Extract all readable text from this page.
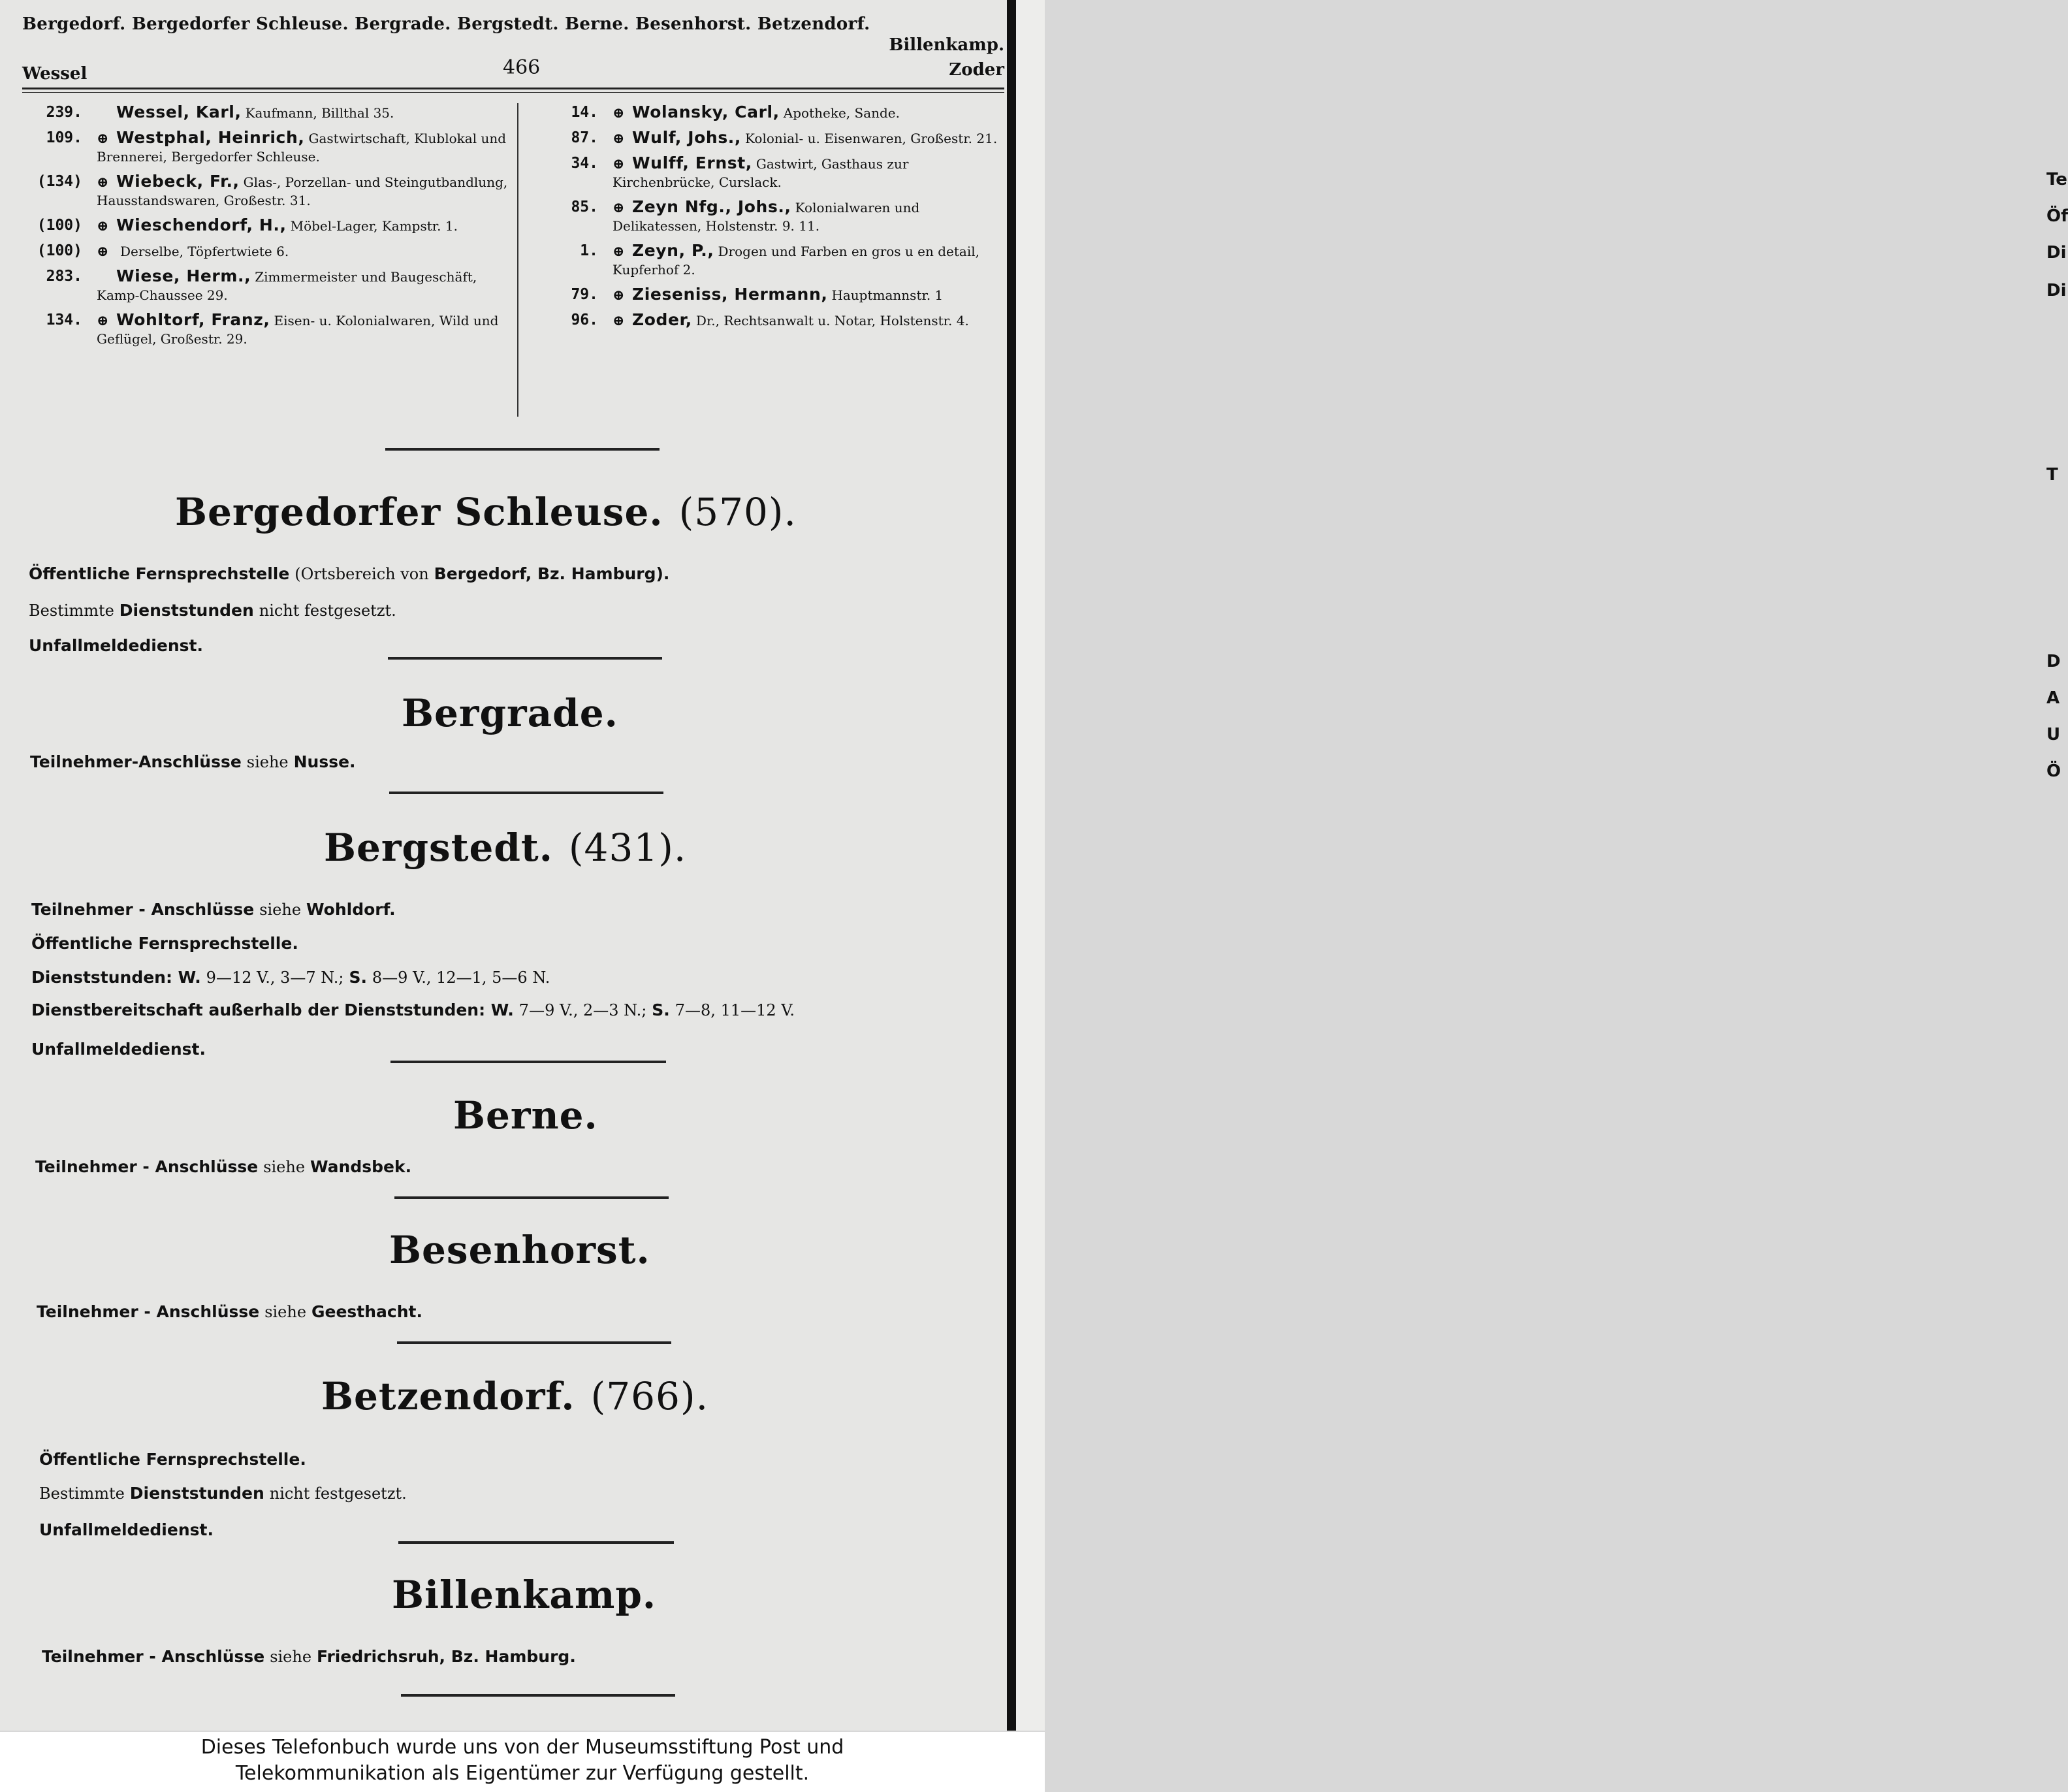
Bergedorf. Bergedorfer Schleuse. Bergrade. Bergstedt. Berne. Besenhorst. Betzendorf.
Billenkamp.
Wessel	466	Zoder
239.	Wessel, Karl, Kaufmann, Billthal 35.
109. ⊕ Westphal, Heinrich, Gastwirtschaft, Klublokal und Brennerei, Bergedorfer Schleuse.
(134) ⊕ Wiebeck, Fr., Glas-, Porzellan- und Steingutbandlung, Hausstandswaren, Großestr. 31.
(100) ⊕ Wieschendorf, H., Möbel-Lager, Kampstr. 1.
(100) ⊕ Derselbe, Töpfertwiete 6.
283.	Wiese, Herm., Zimmermeister und Baugeschäft, Kamp-Chaussee 29.
134. ⊕ Wohltorf, Franz, Eisen- u. Kolonialwaren, Wild und Geflügel, Großestr. 29.
14. ⊕ Wolansky, Carl, Apotheke, Sande.
87. ⊕ Wulf, Johs., Kolonial- u. Eisenwaren, Großestr. 21.
34. ⊕ Wulff, Ernst, Gastwirt, Gasthaus zur Kirchenbrücke, Curslack.
85. ⊕ Zeyn Nfg., Johs., Kolonialwaren und Delikatessen, Holstenstr. 9. 11.
1. ⊕ Zeyn, P., Drogen und Farben en gros u en detail, Kupferhof 2.
79. ⊕ Zieseniss, Hermann, Hauptmannstr. 1
96. ⊕ Zoder, Dr., Rechtsanwalt u. Notar, Holstenstr. 4.
Bergedorfer Schleuse. (570).
Öffentliche Fernsprechstelle (Ortsbereich von Bergedorf, Bz. Hamburg).
Bestimmte Dienststunden nicht festgesetzt.
Unfallmeldedienst.
Bergrade.
Teilnehmer-Anschlüsse siehe Nusse.
Bergstedt. (431).
Teilnehmer - Anschlüsse siehe Wohldorf.
Öffentliche Fernsprechstelle.
Dienststunden: W. 9—12 V., 3—7 N.; S. 8—9 V., 12—1, 5—6 N.
Dienstbereitschaft außerhalb der Dienststunden: W. 7—9 V., 2—3 N.; S. 7—8, 11—12 V.
Unfallmeldedienst.
Berne.
Teilnehmer - Anschlüsse siehe Wandsbek.
Besenhorst.
Teilnehmer - Anschlüsse siehe Geesthacht.
Betzendorf. (766).
Öffentliche Fernsprechstelle.
Bestimmte Dienststunden nicht festgesetzt.
Unfallmeldedienst.
Billenkamp.
Teilnehmer - Anschlüsse siehe Friedrichsruh, Bz. Hamburg.
Te
Öf
Di
Di
T
D
A
U
Ö
Dieses Telefonbuch wurde uns von der Museumsstiftung Post und
Telekommunikation als Eigentümer zur Verfügung gestellt.
